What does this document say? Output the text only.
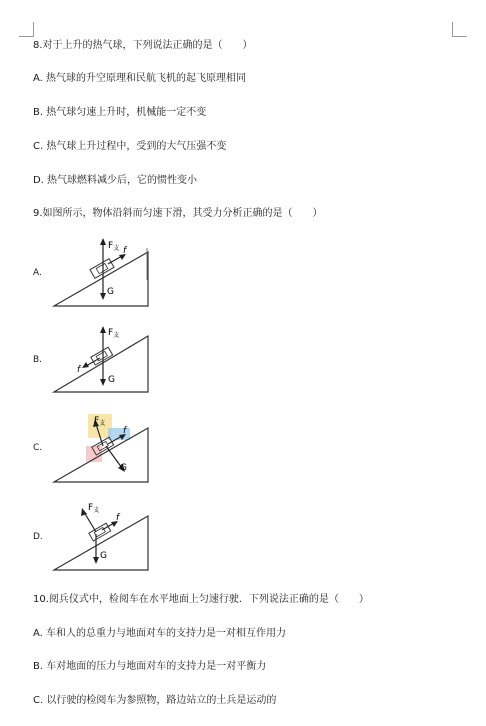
8.对于上升的热气球，下列说法正确的是（　　）
A. 热气球的升空原理和民航飞机的起飞原理相同
B. 热气球匀速上升时，机械能一定不变
C. 热气球上升过程中，受到的大气压强不变
D. 热气球燃料减少后，它的惯性变小
9.如图所示，物体沿斜而匀速下滑，其受力分析正确的是（　　）
A.
$F_支$
G
f
B.
$F_支$
G
f
C.
$F_支$
G
f
D.
$F_支$
G
f
10.阅兵仪式中，检阅车在水平地面上匀速行驶．下列说法正确的是（　　）
A. 车和人的总重力与地面对车的支持力是一对相互作用力
B. 车对地面的压力与地面对车的支持力是一对平衡力
C. 以行驶的检阅车为参照物，路边站立的土兵是运动的
